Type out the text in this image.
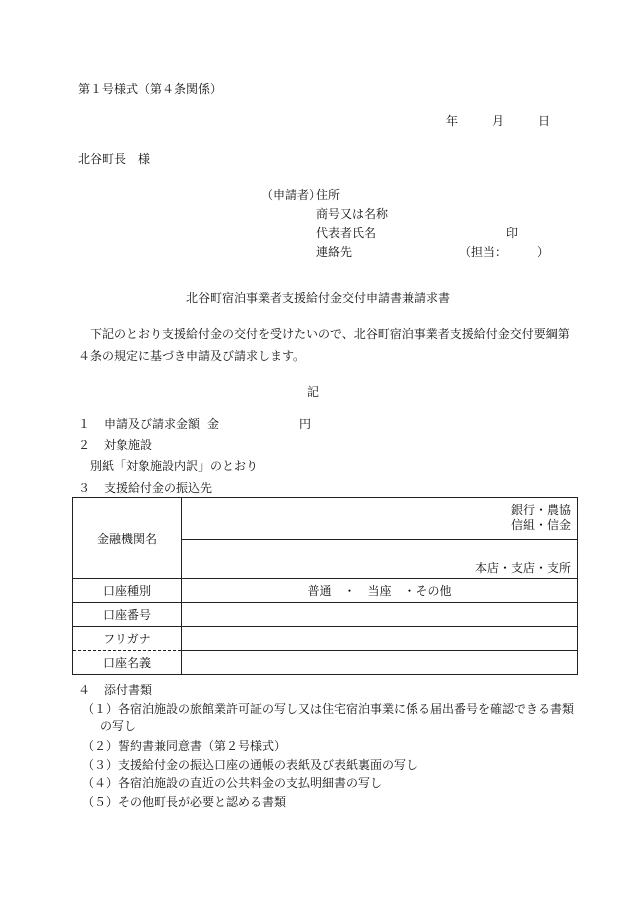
第１号様式（第４条関係）
年	月	日
北谷町長　様
（申請者）
住所
商号又は名称
代表者氏名	印
連絡先	（担当：　　　）
北谷町宿泊事業者支援給付金交付申請書兼請求書
下記のとおり支援給付金の交付を受けたいので、北谷町宿泊事業者支援給付金交付要綱第
４条の規定に基づき申請及び請求します。
記
１ 申請及び請求金額 金	円
２ 対象施設
別紙「対象施設内訳」のとおり
３ 支援給付金の振込先
金融機関名	銀行・農協
信組・信金
本店・支店・支所

口座種別	普通　・　当座　・その他
口座番号	
フリガナ	
口座名義	
４ 添付書類
（１）各宿泊施設の旅館業許可証の写し又は住宅宿泊事業に係る届出番号を確認できる書類
の写し
（２）誓約書兼同意書（第２号様式）
（３）支援給付金の振込口座の通帳の表紙及び表紙裏面の写し
（４）各宿泊施設の直近の公共料金の支払明細書の写し
（５）その他町長が必要と認める書類
